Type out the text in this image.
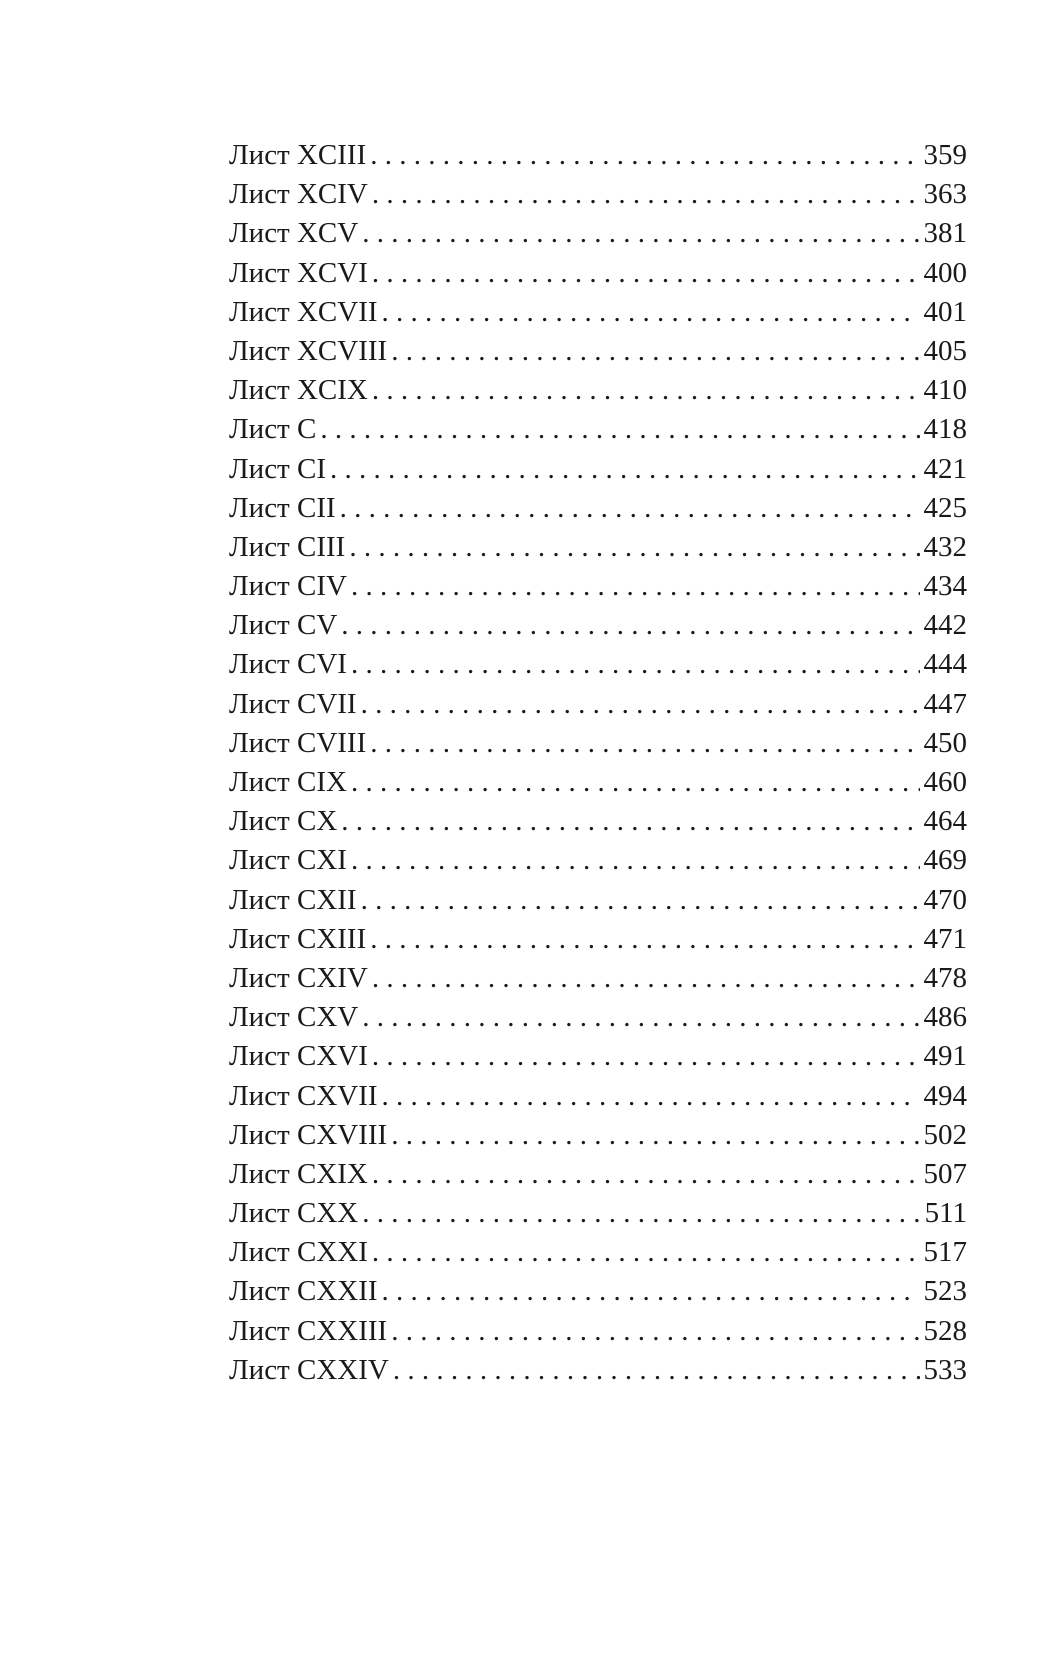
Лист XCIII . . .	359
Лист XCIV . . .	363
Лист XCV . . .	381
Лист XCVI . . .	400
Лист XCVII . . .	401
Лист XCVIII . . .	405
Лист XCIX . . .	410
Лист C . . .	418
Лист CI . . .	421
Лист CII . . .	425
Лист CIII . . .	432
Лист CIV . . .	434
Лист CV . . .	442
Лист CVI . . .	444
Лист CVII . . .	447
Лист CVIII . . .	450
Лист CIX . . .	460
Лист CX . . .	464
Лист CXI . . .	469
Лист CXII . . .	470
Лист CXIII . . .	471
Лист CXIV . . .	478
Лист CXV . . .	486
Лист CXVI . . .	491
Лист CXVII . . .	494
Лист CXVIII . . .	502
Лист CXIX . . .	507
Лист CXX . . .	511
Лист CXXI . . .	517
Лист CXXII . . .	523
Лист CXXIII . . .	528
Лист CXXIV . . .	533
